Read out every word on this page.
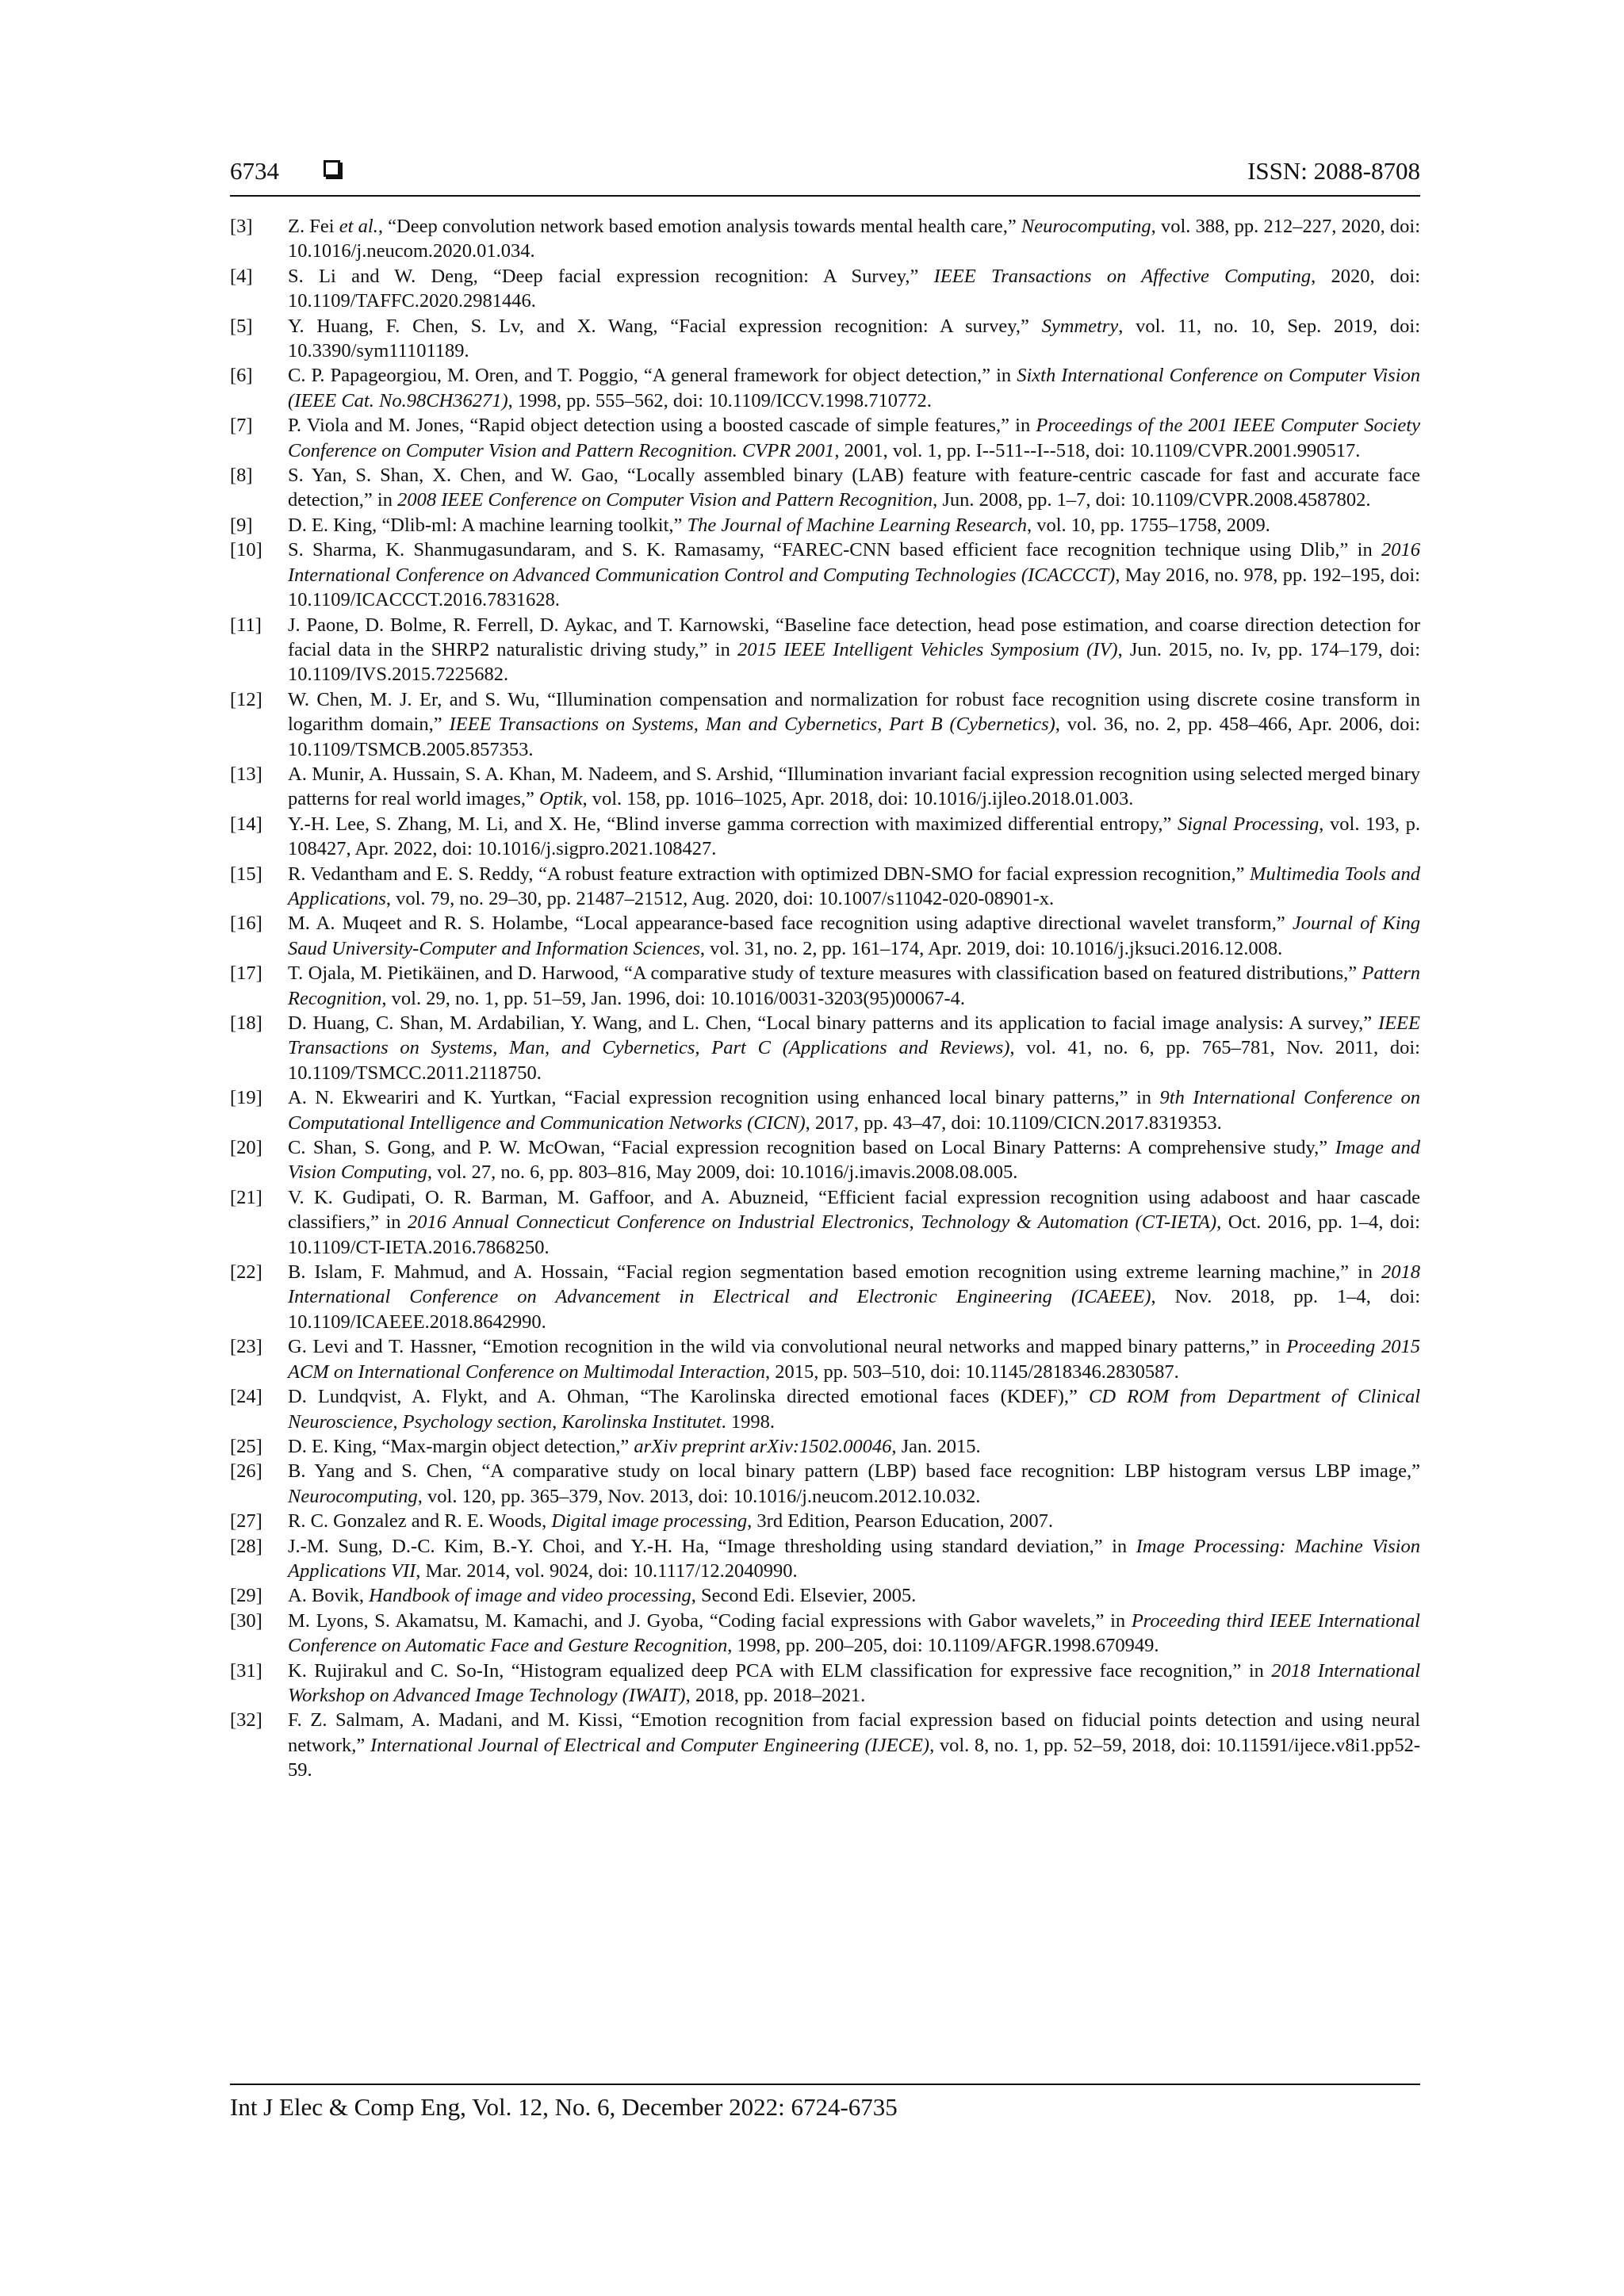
6734	ISSN: 2088-8708
[3] Z. Fei et al., “Deep convolution network based emotion analysis towards mental health care,” Neurocomputing, vol. 388, pp. 212–227, 2020, doi: 10.1016/j.neucom.2020.01.034.
[4] S. Li and W. Deng, “Deep facial expression recognition: A Survey,” IEEE Transactions on Affective Computing, 2020, doi: 10.1109/TAFFC.2020.2981446.
[5] Y. Huang, F. Chen, S. Lv, and X. Wang, “Facial expression recognition: A survey,” Symmetry, vol. 11, no. 10, Sep. 2019, doi: 10.3390/sym11101189.
[6] C. P. Papageorgiou, M. Oren, and T. Poggio, “A general framework for object detection,” in Sixth International Conference on Computer Vision (IEEE Cat. No.98CH36271), 1998, pp. 555–562, doi: 10.1109/ICCV.1998.710772.
[7] P. Viola and M. Jones, “Rapid object detection using a boosted cascade of simple features,” in Proceedings of the 2001 IEEE Computer Society Conference on Computer Vision and Pattern Recognition. CVPR 2001, 2001, vol. 1, pp. I--511--I--518, doi: 10.1109/CVPR.2001.990517.
[8] S. Yan, S. Shan, X. Chen, and W. Gao, “Locally assembled binary (LAB) feature with feature-centric cascade for fast and accurate face detection,” in 2008 IEEE Conference on Computer Vision and Pattern Recognition, Jun. 2008, pp. 1–7, doi: 10.1109/CVPR.2008.4587802.
[9] D. E. King, “Dlib-ml: A machine learning toolkit,” The Journal of Machine Learning Research, vol. 10, pp. 1755–1758, 2009.
[10] S. Sharma, K. Shanmugasundaram, and S. K. Ramasamy, “FAREC-CNN based efficient face recognition technique using Dlib,” in 2016 International Conference on Advanced Communication Control and Computing Technologies (ICACCCT), May 2016, no. 978, pp. 192–195, doi: 10.1109/ICACCCT.2016.7831628.
[11] J. Paone, D. Bolme, R. Ferrell, D. Aykac, and T. Karnowski, “Baseline face detection, head pose estimation, and coarse direction detection for facial data in the SHRP2 naturalistic driving study,” in 2015 IEEE Intelligent Vehicles Symposium (IV), Jun. 2015, no. Iv, pp. 174–179, doi: 10.1109/IVS.2015.7225682.
[12] W. Chen, M. J. Er, and S. Wu, “Illumination compensation and normalization for robust face recognition using discrete cosine transform in logarithm domain,” IEEE Transactions on Systems, Man and Cybernetics, Part B (Cybernetics), vol. 36, no. 2, pp. 458–466, Apr. 2006, doi: 10.1109/TSMCB.2005.857353.
[13] A. Munir, A. Hussain, S. A. Khan, M. Nadeem, and S. Arshid, “Illumination invariant facial expression recognition using selected merged binary patterns for real world images,” Optik, vol. 158, pp. 1016–1025, Apr. 2018, doi: 10.1016/j.ijleo.2018.01.003.
[14] Y.-H. Lee, S. Zhang, M. Li, and X. He, “Blind inverse gamma correction with maximized differential entropy,” Signal Processing, vol. 193, p. 108427, Apr. 2022, doi: 10.1016/j.sigpro.2021.108427.
[15] R. Vedantham and E. S. Reddy, “A robust feature extraction with optimized DBN-SMO for facial expression recognition,” Multimedia Tools and Applications, vol. 79, no. 29–30, pp. 21487–21512, Aug. 2020, doi: 10.1007/s11042-020-08901-x.
[16] M. A. Muqeet and R. S. Holambe, “Local appearance-based face recognition using adaptive directional wavelet transform,” Journal of King Saud University-Computer and Information Sciences, vol. 31, no. 2, pp. 161–174, Apr. 2019, doi: 10.1016/j.jksuci.2016.12.008.
[17] T. Ojala, M. Pietikäinen, and D. Harwood, “A comparative study of texture measures with classification based on featured distributions,” Pattern Recognition, vol. 29, no. 1, pp. 51–59, Jan. 1996, doi: 10.1016/0031-3203(95)00067-4.
[18] D. Huang, C. Shan, M. Ardabilian, Y. Wang, and L. Chen, “Local binary patterns and its application to facial image analysis: A survey,” IEEE Transactions on Systems, Man, and Cybernetics, Part C (Applications and Reviews), vol. 41, no. 6, pp. 765–781, Nov. 2011, doi: 10.1109/TSMCC.2011.2118750.
[19] A. N. Ekweariri and K. Yurtkan, “Facial expression recognition using enhanced local binary patterns,” in 9th International Conference on Computational Intelligence and Communication Networks (CICN), 2017, pp. 43–47, doi: 10.1109/CICN.2017.8319353.
[20] C. Shan, S. Gong, and P. W. McOwan, “Facial expression recognition based on Local Binary Patterns: A comprehensive study,” Image and Vision Computing, vol. 27, no. 6, pp. 803–816, May 2009, doi: 10.1016/j.imavis.2008.08.005.
[21] V. K. Gudipati, O. R. Barman, M. Gaffoor, and A. Abuzneid, “Efficient facial expression recognition using adaboost and haar cascade classifiers,” in 2016 Annual Connecticut Conference on Industrial Electronics, Technology & Automation (CT-IETA), Oct. 2016, pp. 1–4, doi: 10.1109/CT-IETA.2016.7868250.
[22] B. Islam, F. Mahmud, and A. Hossain, “Facial region segmentation based emotion recognition using extreme learning machine,” in 2018 International Conference on Advancement in Electrical and Electronic Engineering (ICAEEE), Nov. 2018, pp. 1–4, doi: 10.1109/ICAEEE.2018.8642990.
[23] G. Levi and T. Hassner, “Emotion recognition in the wild via convolutional neural networks and mapped binary patterns,” in Proceeding 2015 ACM on International Conference on Multimodal Interaction, 2015, pp. 503–510, doi: 10.1145/2818346.2830587.
[24] D. Lundqvist, A. Flykt, and A. Ohman, “The Karolinska directed emotional faces (KDEF),” CD ROM from Department of Clinical Neuroscience, Psychology section, Karolinska Institutet. 1998.
[25] D. E. King, “Max-margin object detection,” arXiv preprint arXiv:1502.00046, Jan. 2015.
[26] B. Yang and S. Chen, “A comparative study on local binary pattern (LBP) based face recognition: LBP histogram versus LBP image,” Neurocomputing, vol. 120, pp. 365–379, Nov. 2013, doi: 10.1016/j.neucom.2012.10.032.
[27] R. C. Gonzalez and R. E. Woods, Digital image processing, 3rd Edition, Pearson Education, 2007.
[28] J.-M. Sung, D.-C. Kim, B.-Y. Choi, and Y.-H. Ha, “Image thresholding using standard deviation,” in Image Processing: Machine Vision Applications VII, Mar. 2014, vol. 9024, doi: 10.1117/12.2040990.
[29] A. Bovik, Handbook of image and video processing, Second Edi. Elsevier, 2005.
[30] M. Lyons, S. Akamatsu, M. Kamachi, and J. Gyoba, “Coding facial expressions with Gabor wavelets,” in Proceeding third IEEE International Conference on Automatic Face and Gesture Recognition, 1998, pp. 200–205, doi: 10.1109/AFGR.1998.670949.
[31] K. Rujirakul and C. So-In, “Histogram equalized deep PCA with ELM classification for expressive face recognition,” in 2018 International Workshop on Advanced Image Technology (IWAIT), 2018, pp. 2018–2021.
[32] F. Z. Salmam, A. Madani, and M. Kissi, “Emotion recognition from facial expression based on fiducial points detection and using neural network,” International Journal of Electrical and Computer Engineering (IJECE), vol. 8, no. 1, pp. 52–59, 2018, doi: 10.11591/ijece.v8i1.pp52-59.
Int J Elec & Comp Eng, Vol. 12, No. 6, December 2022: 6724-6735
